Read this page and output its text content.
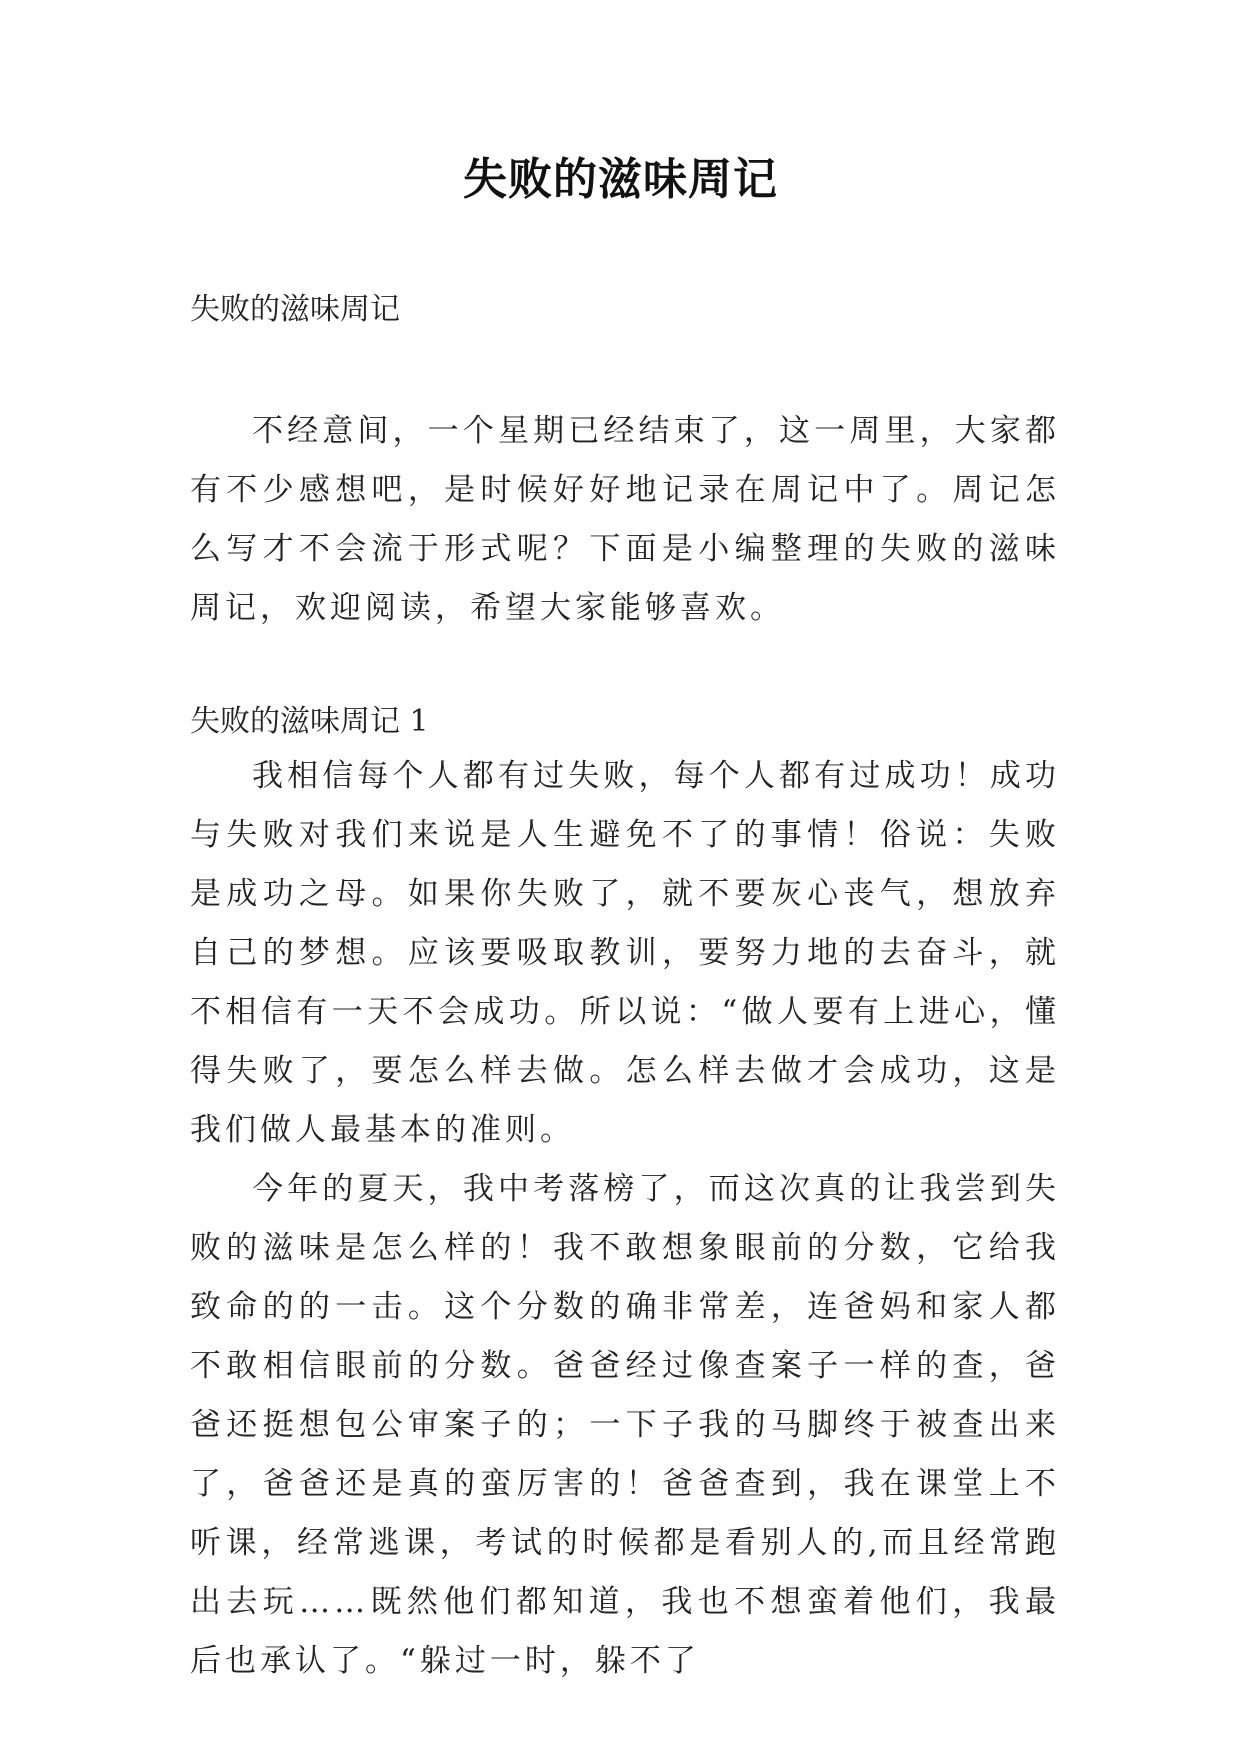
失败的滋味周记
失败的滋味周记

不经意间，一个星期已经结束了，这一周里，大家都有不少感想吧，是时候好好地记录在周记中了。周记怎么写才不会流于形式呢？下面是小编整理的失败的滋味周记，欢迎阅读，希望大家能够喜欢。

失败的滋味周记 1

我相信每个人都有过失败，每个人都有过成功！成功与失败对我们来说是人生避免不了的事情！俗说：失败是成功之母。如果你失败了，就不要灰心丧气，想放弃自己的梦想。应该要吸取教训，要努力地的去奋斗，就不相信有一天不会成功。所以说：“做人要有上进心，懂得失败了，要怎么样去做。怎么样去做才会成功，这是我们做人最基本的准则。

今年的夏天，我中考落榜了，而这次真的让我尝到失败的滋味是怎么样的！我不敢想象眼前的分数，它给我致命的的一击。这个分数的确非常差，连爸妈和家人都不敢相信眼前的分数。爸爸经过像查案子一样的查，爸爸还挺想包公审案子的；一下子我的马脚终于被查出来了，爸爸还是真的蛮厉害的！爸爸查到，我在课堂上不听课，经常逃课，考试的时候都是看别人的,而且经常跑出去玩……既然他们都知道，我也不想蛮着他们，我最后也承认了。“躲过一时，躲不了
